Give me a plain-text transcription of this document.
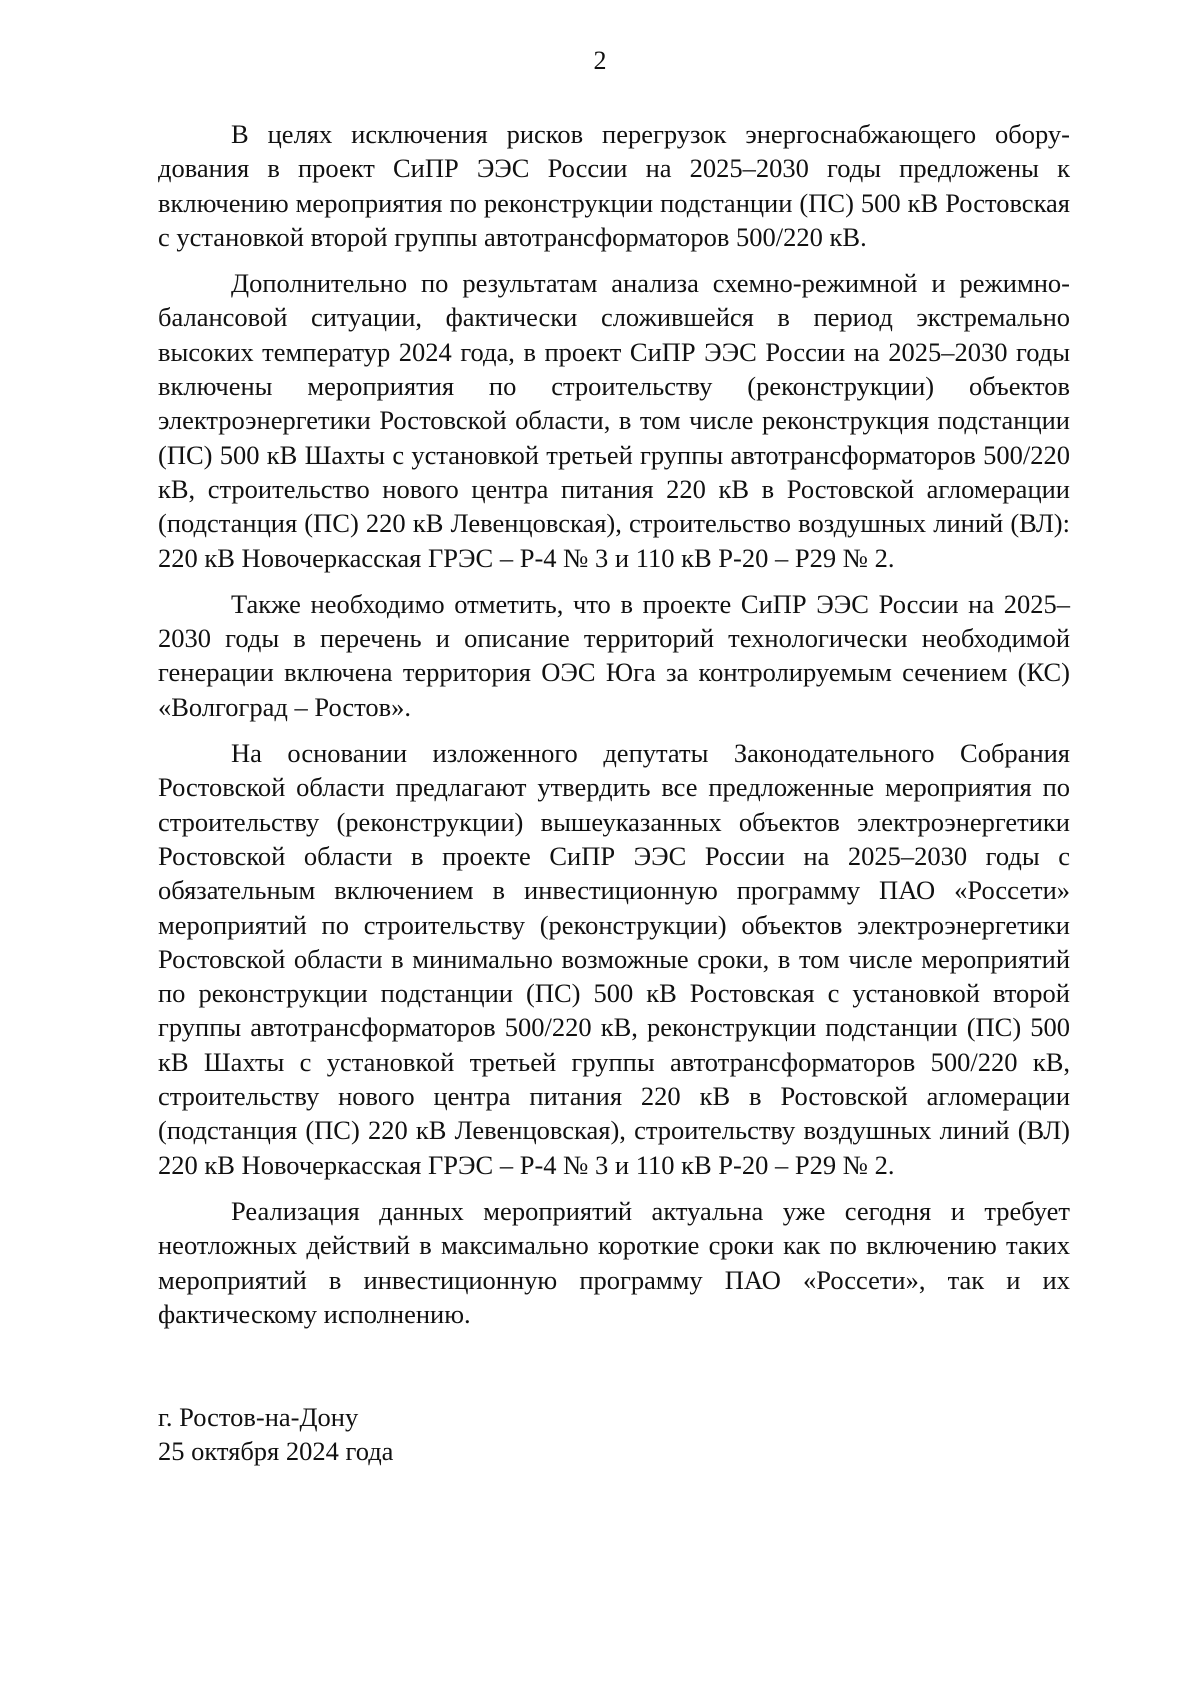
2

В целях исключения рисков перегрузок энергоснабжающего оборудования в проект СиПР ЭЭС России на 2025–2030 годы предложены к включению мероприятия по реконструкции подстанции (ПС) 500 кВ Ростовская с установкой второй группы автотрансформаторов 500/220 кВ.

Дополнительно по результатам анализа схемно-режимной и режимно-балансовой ситуации, фактически сложившейся в период экстремально высоких температур 2024 года, в проект СиПР ЭЭС России на 2025–2030 годы включены мероприятия по строительству (реконструкции) объектов электроэнергетики Ростовской области, в том числе реконструкция подстанции (ПС) 500 кВ Шахты с установкой третьей группы автотрансформаторов 500/220 кВ, строительство нового центра питания 220 кВ в Ростовской агломерации (подстанция (ПС) 220 кВ Левенцовская), строительство воздушных линий (ВЛ): 220 кВ Новочеркасская ГРЭС – Р-4 № 3 и 110 кВ Р-20 – Р29 № 2.

Также необходимо отметить, что в проекте СиПР ЭЭС России на 2025–2030 годы в перечень и описание территорий технологически необходимой генерации включена территория ОЭС Юга за контролируемым сечением (КС) «Волгоград – Ростов».

На основании изложенного депутаты Законодательного Собрания Ростовской области предлагают утвердить все предложенные мероприятия по строительству (реконструкции) вышеуказанных объектов электроэнергетики Ростовской области в проекте СиПР ЭЭС России на 2025–2030 годы с обязательным включением в инвестиционную программу ПАО «Россети» мероприятий по строительству (реконструкции) объектов электроэнергетики Ростовской области в минимально возможные сроки, в том числе мероприятий по реконструкции подстанции (ПС) 500 кВ Ростовская с установкой второй группы автотрансформаторов 500/220 кВ, реконструкции подстанции (ПС) 500 кВ Шахты с установкой третьей группы автотрансформаторов 500/220 кВ, строительству нового центра питания 220 кВ в Ростовской агломерации (подстанция (ПС) 220 кВ Левенцовская), строительству воздушных линий (ВЛ) 220 кВ Новочеркасская ГРЭС – Р-4 № 3 и 110 кВ Р-20 – Р29 № 2.

Реализация данных мероприятий актуальна уже сегодня и требует неотложных действий в максимально короткие сроки как по включению таких мероприятий в инвестиционную программу ПАО «Россети», так и их фактическому исполнению.

г. Ростов-на-Дону
25 октября 2024 года
